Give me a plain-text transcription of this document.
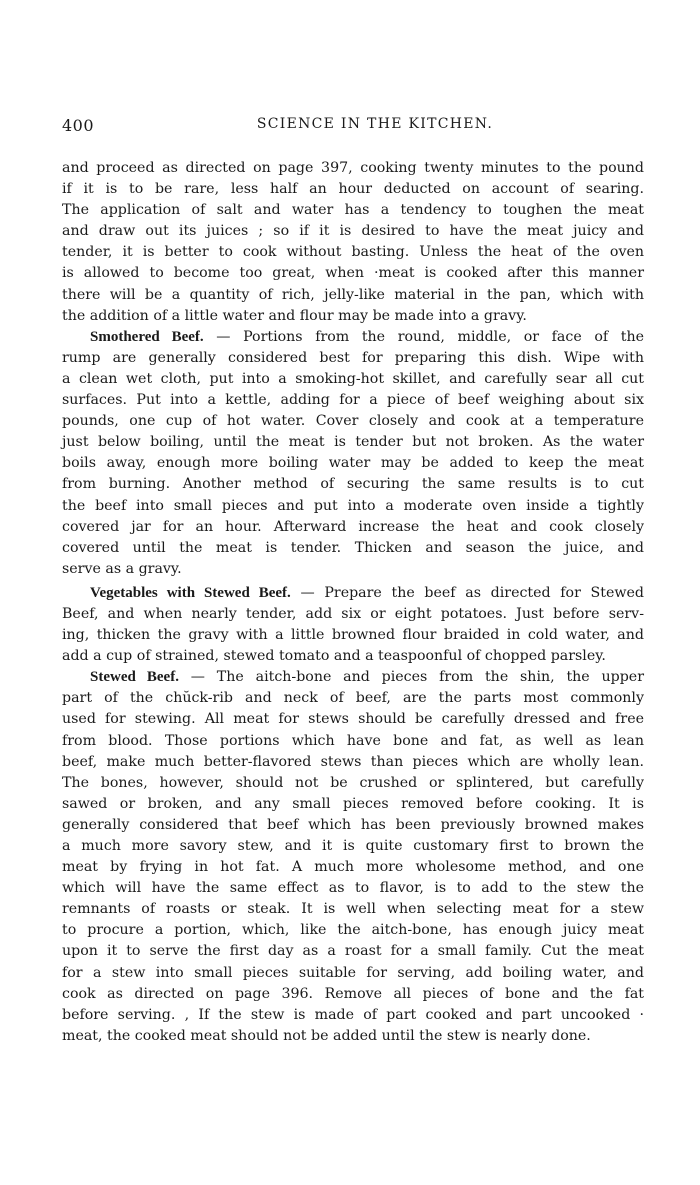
400	SCIENCE IN THE KITCHEN.
and proceed as directed on page 397, cooking twenty minutes to the pound
if it is to be rare, less half an hour deducted on account of searing.
The application of salt and water has a tendency to toughen the meat
and draw out its juices ; so if it is desired to have the meat juicy and
tender, it is better to cook without basting. Unless the heat of the oven
is allowed to become too great, when ·meat is cooked after this manner
there will be a quantity of rich, jelly-like material in the pan, which with
the addition of a little water and flour may be made into a gravy.
Smothered Beef. — Portions from the round, middle, or face of the
rump are generally considered best for preparing this dish. Wipe with
a clean wet cloth, put into a smoking-hot skillet, and carefully sear all cut
surfaces. Put into a kettle, adding for a piece of beef weighing about six
pounds, one cup of hot water. Cover closely and cook at a temperature
just below boiling, until the meat is tender but not broken. As the water
boils away, enough more boiling water may be added to keep the meat
from burning. Another method of securing the same results is to cut
the beef into small pieces and put into a moderate oven inside a tightly
covered jar for an hour. Afterward increase the heat and cook closely
covered until the meat is tender. Thicken and season the juice, and
serve as a gravy.
Vegetables with Stewed Beef. — Prepare the beef as directed for Stewed
Beef, and when nearly tender, add six or eight potatoes. Just before serv-
ing, thicken the gravy with a little browned flour braided in cold water, and
add a cup of strained, stewed tomato and a teaspoonful of chopped parsley.
Stewed Beef. — The aitch-bone and pieces from the shin, the upper
part of the chŭck-rib and neck of beef, are the parts most commonly
used for stewing. All meat for stews should be carefully dressed and free
from blood. Those portions which have bone and fat, as well as lean
beef, make much better-flavored stews than pieces which are wholly lean.
The bones, however, should not be crushed or splintered, but carefully
sawed or broken, and any small pieces removed before cooking. It is
generally considered that beef which has been previously browned makes
a much more savory stew, and it is quite customary first to brown the
meat by frying in hot fat. A much more wholesome method, and one
which will have the same effect as to flavor, is to add to the stew the
remnants of roasts or steak. It is well when selecting meat for a stew
to procure a portion, which, like the aitch-bone, has enough juicy meat
upon it to serve the first day as a roast for a small family. Cut the meat
for a stew into small pieces suitable for serving, add boiling water, and
cook as directed on page 396. Remove all pieces of bone and the fat
before serving. , If the stew is made of part cooked and part uncooked ·
meat, the cooked meat should not be added until the stew is nearly done.
